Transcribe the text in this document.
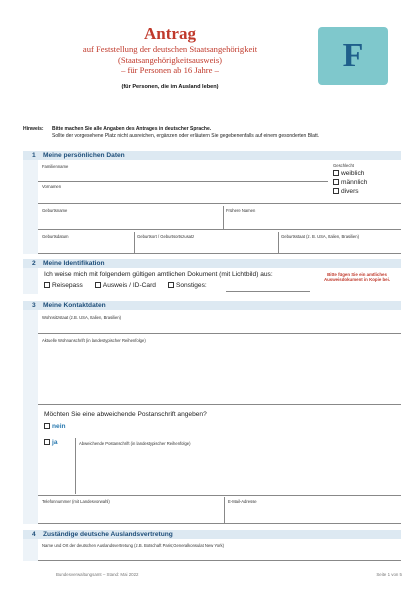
Antrag
auf Feststellung der deutschen Staatsangehörigkeit
(Staatsangehörigkeitsausweis)
– für Personen ab 16 Jahre –
(für Personen, die im Ausland leben)
F
Hinweis: Bitte machen Sie alle Angaben des Antrages in deutscher Sprache.
Sollte der vorgesehene Platz nicht ausreichen, ergänzen oder erläutern Sie gegebenenfalls auf einem gesonderten Blatt.
1 Meine persönlichen Daten
Familienname
Vornamen
Geschlecht
weiblich
männlich
divers
Geburtsname	Frühere Namen
Geburtsdatum	Geburtsort / Geburtsortszusatz	Geburtsstaat (z. B. USA, Italien, Brasilien)
2 Meine Identifikation
Ich weise mich mit folgendem gültigen amtlichen Dokument (mit Lichtbild) aus:
Reisepass	Ausweis / ID-Card	Sonstiges:
Bitte fügen Sie ein amtliches Ausweisdokument in Kopie bei.
3 Meine Kontaktdaten
Wohnsitzstaat (z.B. USA, Italien, Brasilien)
Aktuelle Wohnanschrift (in landestypischer Reihenfolge)
Möchten Sie eine abweichende Postanschrift angeben?
nein
ja	Abweichende Postanschrift (in landestypischer Reihenfolge)
Telefonnummer (mit Landesvorwahl)	E-Mail-Adresse
4 Zuständige deutsche Auslandsvertretung
Name und Ort der deutschen Auslandsvertretung (z.B. Botschaft Paris;Generalkonsulat New York)
Bundesverwaltungsamt – Stand: Mai 2022	Seite 1 von 5
